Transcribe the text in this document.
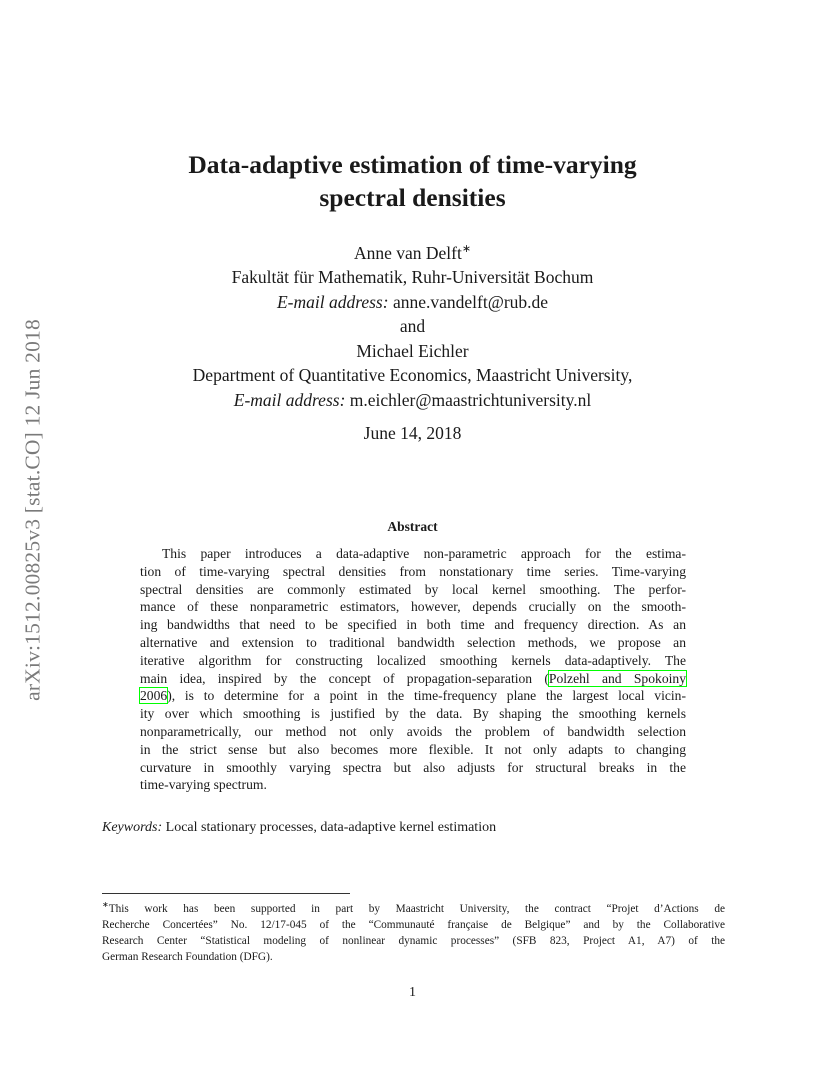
arXiv:1512.00825v3 [stat.CO] 12 Jun 2018
Data-adaptive estimation of time-varying
spectral densities
Anne van Delft∗
Fakultät für Mathematik, Ruhr-Universität Bochum
E-mail address: anne.vandelft@rub.de
and
Michael Eichler
Department of Quantitative Economics, Maastricht University,
E-mail address: m.eichler@maastrichtuniversity.nl
June 14, 2018
Abstract
This paper introduces a data-adaptive non-parametric approach for the estima-
tion of time-varying spectral densities from nonstationary time series. Time-varying
spectral densities are commonly estimated by local kernel smoothing. The perfor-
mance of these nonparametric estimators, however, depends crucially on the smooth-
ing bandwidths that need to be specified in both time and frequency direction. As an
alternative and extension to traditional bandwidth selection methods, we propose an
iterative algorithm for constructing localized smoothing kernels data-adaptively. The
main idea, inspired by the concept of propagation-separation (Polzehl and Spokoiny
2006), is to determine for a point in the time-frequency plane the largest local vicin-
ity over which smoothing is justified by the data. By shaping the smoothing kernels
nonparametrically, our method not only avoids the problem of bandwidth selection
in the strict sense but also becomes more flexible. It not only adapts to changing
curvature in smoothly varying spectra but also adjusts for structural breaks in the
time-varying spectrum.
Keywords: Local stationary processes, data-adaptive kernel estimation
∗This work has been supported in part by Maastricht University, the contract “Projet d’Actions de
Recherche Concertées” No. 12/17-045 of the “Communauté française de Belgique” and by the Collaborative
Research Center “Statistical modeling of nonlinear dynamic processes” (SFB 823, Project A1, A7) of the
German Research Foundation (DFG).
1
